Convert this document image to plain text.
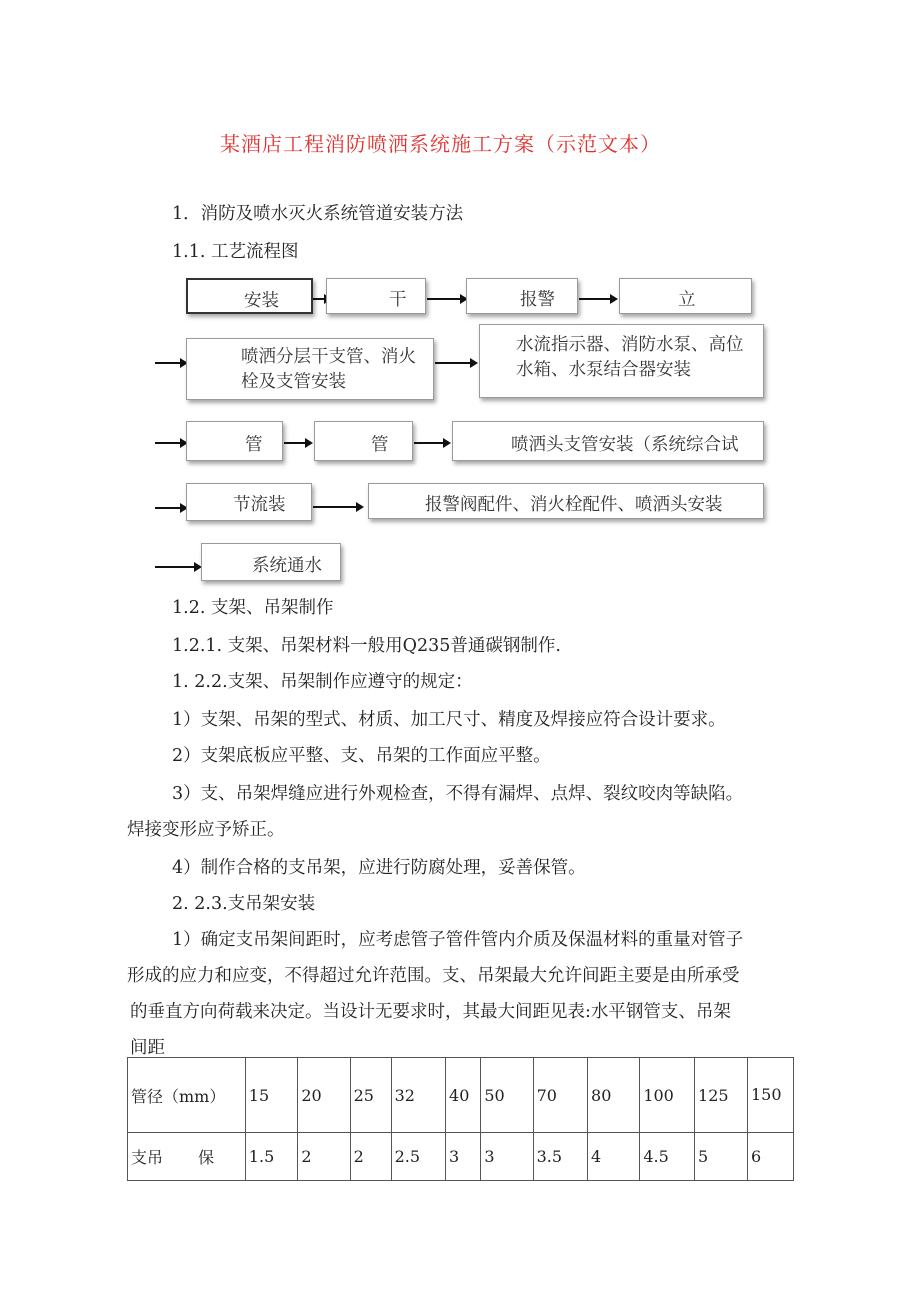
某酒店工程消防喷洒系统施工方案（示范文本）
1．消防及喷水灭火系统管道安装方法
1.1. 工艺流程图
安装	干	报警	立
喷洒分层干支管、消火栓及支管安装
水流指示器、消防水泵、高位水箱、水泵结合器安装
管	管	喷洒头支管安装（系统综合试
节流装	报警阀配件、消火栓配件、喷洒头安装
系统通水
1.2. 支架、吊架制作
1.2.1. 支架、吊架材料一般用Q235普通碳钢制作.
1. 2.2.支架、吊架制作应遵守的规定：
1）支架、吊架的型式、材质、加工尺寸、精度及焊接应符合设计要求。
2）支架底板应平整、支、吊架的工作面应平整。
3）支、吊架焊缝应进行外观检查，不得有漏焊、点焊、裂纹咬肉等缺陷。
焊接变形应予矫正。
4）制作合格的支吊架，应进行防腐处理，妥善保管。
2. 2.3.支吊架安装
1）确定支吊架间距时，应考虑管子管件管内介质及保温材料的重量对管子
形成的应力和应变，不得超过允许范围。支、吊架最大允许间距主要是由所承受
的垂直方向荷载来决定。当设计无要求时，其最大间距见表:水平钢管支、吊架
间距
管径（mm）		15	20	25	32	40	50	70	80	100	125	150

支吊	保	1.5	2	2	2.5	3	3	3.5	4	4.5	5	6
